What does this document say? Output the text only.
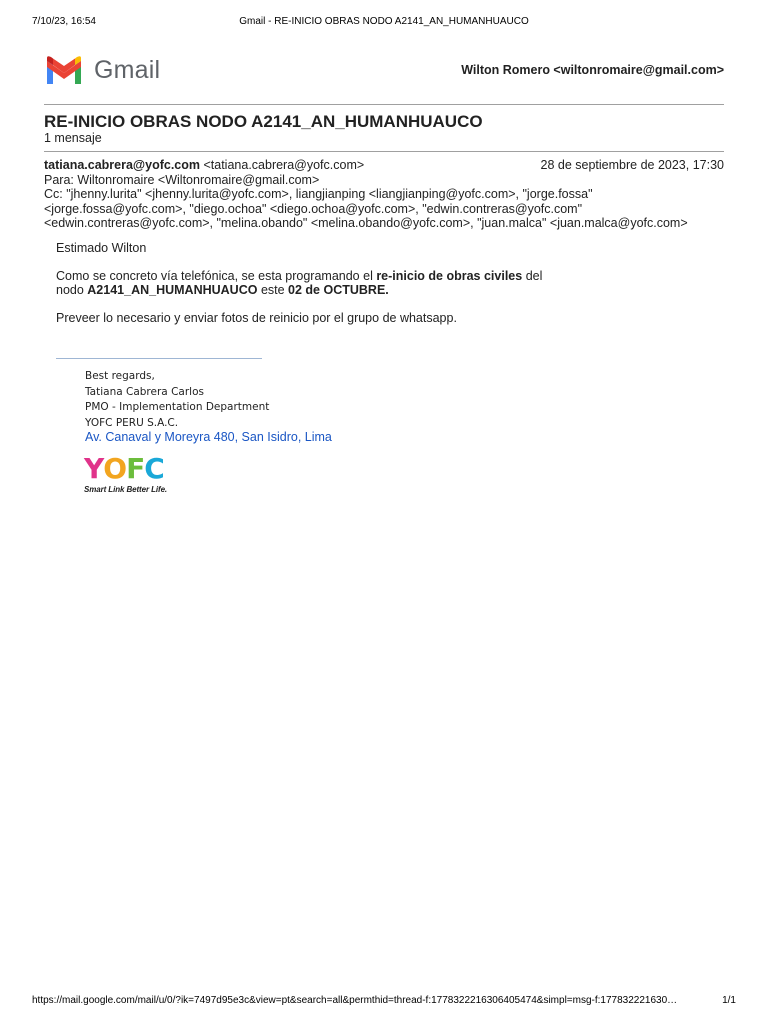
7/10/23, 16:54	Gmail - RE-INICIO OBRAS NODO A2141_AN_HUMANHUAUCO
Gmail	Wilton Romero <wiltonromaire@gmail.com>
RE-INICIO OBRAS NODO A2141_AN_HUMANHUAUCO
1 mensaje
tatiana.cabrera@yofc.com <tatiana.cabrera@yofc.com>	28 de septiembre de 2023, 17:30
Para: Wiltonromaire <Wiltonromaire@gmail.com>
Cc: "jhenny.lurita" <jhenny.lurita@yofc.com>, liangjianping <liangjianping@yofc.com>, "jorge.fossa"
<jorge.fossa@yofc.com>, "diego.ochoa" <diego.ochoa@yofc.com>, "edwin.contreras@yofc.com"
<edwin.contreras@yofc.com>, "melina.obando" <melina.obando@yofc.com>, "juan.malca" <juan.malca@yofc.com>

Estimado Wilton

Como se concreto vía telefónica, se esta programando el re-inicio de obras civiles del
nodo A2141_AN_HUMANHUAUCO este 02 de OCTUBRE.

Preveer lo necesario y enviar fotos de reinicio por el grupo de whatsapp.

Best regards,
Tatiana Cabrera Carlos
PMO - Implementation Department
YOFC PERU S.A.C.
Av. Canaval y Moreyra 480, San Isidro, Lima
Y O F C
Smart Link Better Life.
https://mail.google.com/mail/u/0/?ik=7497d95e3c&view=pt&search=all&permthid=thread-f:1778322216306405474&simpl=msg-f:177832221630…	1/1
